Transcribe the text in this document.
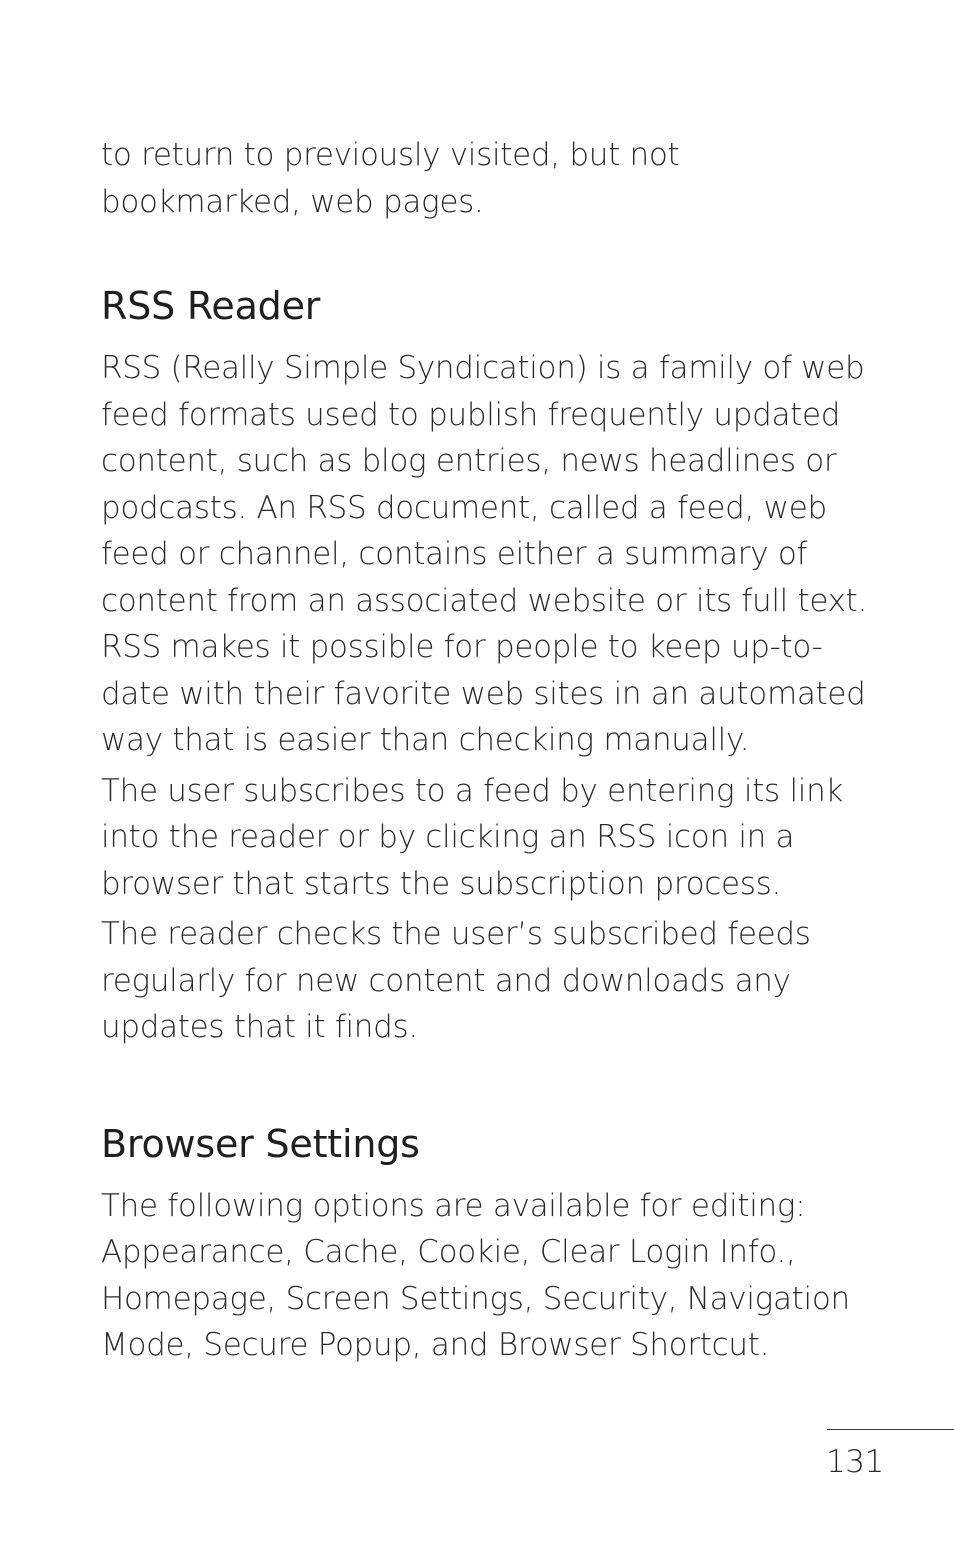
to return to previously visited, but not bookmarked, web pages.

RSS Reader

RSS (Really Simple Syndication) is a family of web feed formats used to publish frequently updated content, such as blog entries, news headlines or podcasts. An RSS document, called a feed, web feed or channel, contains either a summary of content from an associated website or its full text. RSS makes it possible for people to keep up-to-date with their favorite web sites in an automated way that is easier than checking manually.

The user subscribes to a feed by entering its link into the reader or by clicking an RSS icon in a browser that starts the subscription process.

The reader checks the user’s subscribed feeds regularly for new content and downloads any updates that it finds.

Browser Settings

The following options are available for editing: Appearance, Cache, Cookie, Clear Login Info., Homepage, Screen Settings, Security, Navigation Mode, Secure Popup, and Browser Shortcut.

131
